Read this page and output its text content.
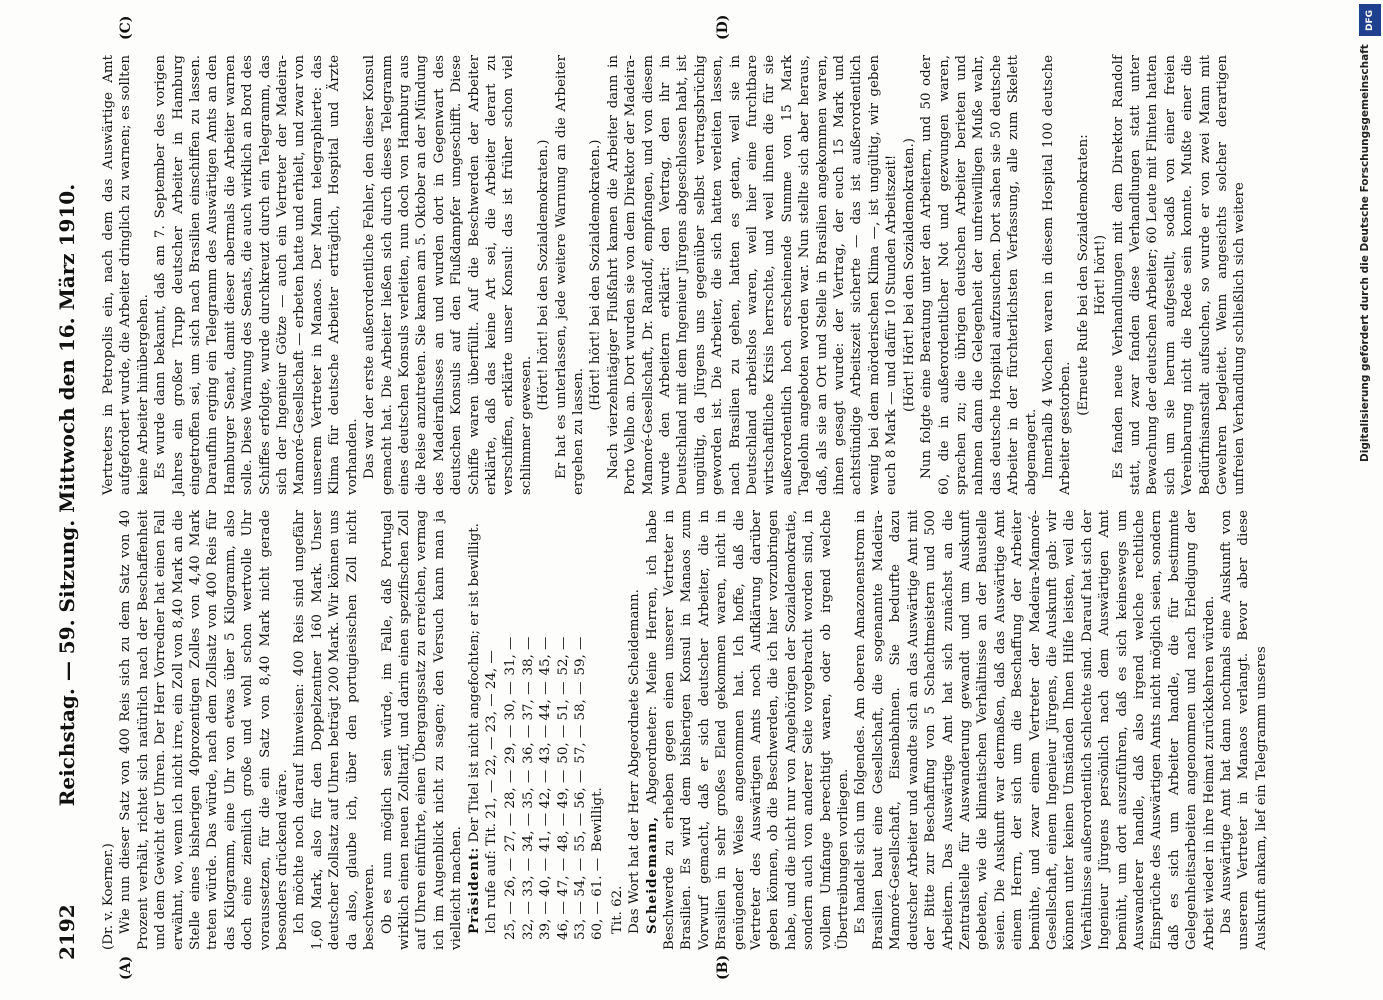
2192
Reichstag. — 59. Sitzung. Mittwoch den 16. März 1910.
(A)	(B)
(C)	(D)

(Dr. v. Koerner.) Wie nun dieser Satz von 400 Reis sich zu dem Satz von 40 Prozent verhält, richtet sich natürlich nach der Beschaffenheit und dem Gewicht der Uhren. Der Herr Vorredner hat einen Fall erwähnt, wo, wenn ich nicht irre, ein Zoll von 8,40 Mark an die Stelle eines bisherigen 40prozentigen Zolles von 4,40 Mark treten würde. Das würde, nach dem Zollsatz von 400 Reis für das Kilogramm, eine Uhr von etwas über 5 Kilogramm, also doch eine ziemlich große und wohl schon wertvolle Uhr voraussetzen, für die ein Satz von 8,40 Mark nicht gerade besonders drückend wäre. Ich möchte noch darauf hinweisen: 400 Reis sind ungefähr 1,60 Mark, also für den Doppelzentner 160 Mark. Unser deutscher Zollsatz auf Uhren beträgt 200 Mark. Wir können uns da also, glaube ich, über den portugiesischen Zoll nicht beschweren. Ob es nun möglich sein würde, im Falle, daß Portugal wirklich einen neuen Zolltarif, und darin einen spezifischen Zoll auf Uhren einführte, einen Übergangssatz zu erreichen, vermag ich im Augenblick nicht zu sagen; den Versuch kann man ja vielleicht machen. Präsident: Der Titel ist nicht angefochten; er ist bewilligt. Ich rufe auf: Tit. 21, — 22, — 23, — 24, — 25, — 26, —	27, — 28, —	29, — 30, —	31, —
32, — 33, —	34, — 35, —	36, — 37, —	38, —
39, — 40, —	41, — 42, —	43, — 44, —	45, —
46, — 47, —	48, — 49, —	50, — 51, —	52, —
53, — 54, —	55, — 56, —	57, — 58, —	59, —
60, — 61. —	Bewilligt.		

Tit. 62. Das Wort hat der Herr Abgeordnete Scheidemann. Scheidemann, Abgeordneter: Meine Herren, ich habe Beschwerde zu erheben gegen einen unserer Vertreter in Brasilien. Es wird dem bisherigen Konsul in Manaos zum Vorwurf gemacht, daß er sich deutscher Arbeiter, die in Brasilien in sehr großes Elend gekommen waren, nicht in genügender Weise angenommen hat. Ich hoffe, daß die Vertreter des Auswärtigen Amts noch Aufklärung darüber geben können, ob die Beschwerden, die ich hier vorzubringen habe, und die nicht nur von Angehörigen der Sozialdemokratie, sondern auch von anderer Seite vorgebracht worden sind, in vollem Umfange berechtigt waren, oder ob irgend welche Übertreibungen vorliegen. Es handelt sich um folgendes. Am oberen Amazonenstrom in Brasilien baut eine Gesellschaft, die sogenannte Madeira-Mamoré-Gesellschaft, Eisenbahnen. Sie bedurfte dazu deutscher Arbeiter und wandte sich an das Auswärtige Amt mit der Bitte zur Beschaffung von 5 Schachtmeistern und 500 Arbeitern. Das Auswärtige Amt hat sich zunächst an die Zentralstelle für Auswanderung gewandt und um Auskunft gebeten, wie die klimatischen Verhältnisse an der Baustelle seien. Die Auskunft war dermaßen, daß das Auswärtige Amt einem Herrn, der sich um die Beschaffung der Arbeiter bemühte, und zwar einem Vertreter der Madeira-Mamoré-Gesellschaft, einem Ingenieur Jürgens, die Auskunft gab: wir können unter keinen Umständen Ihnen Hilfe leisten, weil die Verhältnisse außerordentlich schlechte sind. Darauf hat sich der Ingenieur Jürgens persönlich nach dem Auswärtigen Amt bemüht, um dort auszuführen, daß es sich keineswegs um Auswanderer handle, daß also irgend welche rechtliche Einsprüche des Auswärtigen Amts nicht möglich seien, sondern daß es sich um Arbeiter handle, die für bestimmte Gelegenheitsarbeiten angenommen und nach Erledigung der Arbeit wieder in ihre Heimat zurückkehren würden. Das Auswärtige Amt hat dann nochmals eine Auskunft von unserem Vertreter in Manaos verlangt. Bevor aber diese Auskunft ankam, lief ein Telegramm unseres

Vertreters in Petropolis ein, nach dem das Auswärtige Amt aufgefordert wurde, die Arbeiter dringlich zu warnen; es sollten keine Arbeiter hinübergehen. Es wurde dann bekannt, daß am 7. September des vorigen Jahres ein großer Trupp deutscher Arbeiter in Hamburg eingetroffen sei, um sich nach Brasilien einschiffen zu lassen. Daraufhin erging ein Telegramm des Auswärtigen Amts an den Hamburger Senat, damit dieser abermals die Arbeiter warnen solle. Diese Warnung des Senats, die auch wirklich an Bord des Schiffes erfolgte, wurde durchkreuzt durch ein Telegramm, das sich der Ingenieur Götze — auch ein Vertreter der Madeira-Mamoré-Gesellschaft — erbeten hatte und erhielt, und zwar von unserem Vertreter in Manaos. Der Mann telegraphierte: das Klima für deutsche Arbeiter erträglich, Hospital und Ärzte vorhanden. Das war der erste außerordentliche Fehler, den dieser Konsul gemacht hat. Die Arbeiter ließen sich durch dieses Telegramm eines deutschen Konsuls verleiten, nun doch von Hamburg aus die Reise anzutreten. Sie kamen am 5. Oktober an der Mündung des Madeiraflusses an und wurden dort in Gegenwart des deutschen Konsuls auf den Flußdampfer umgeschifft. Diese Schiffe waren überfüllt. Auf die Beschwerden der Arbeiter erklärte, daß das keine Art sei, die Arbeiter derart zu verschiffen, erklärte unser Konsul: das ist früher schon viel schlimmer gewesen.

(Hört! hört! bei den Sozialdemokraten.) Er hat es unterlassen, jede weitere Warnung an die Arbeiter ergehen zu lassen.

(Hört! hört! bei den Sozialdemokraten.) Nach vierzehntägiger Flußfahrt kamen die Arbeiter dann in Porto Velho an. Dort wurden sie von dem Direktor der Madeira-Mamoré-Gesellschaft, Dr. Randolf, empfangen, und von diesem wurde den Arbeitern erklärt: den Vertrag, den ihr in Deutschland mit dem Ingenieur Jürgens abgeschlossen habt, ist ungültig, da Jürgens uns gegenüber selbst vertragsbrüchig geworden ist. Die Arbeiter, die sich hatten verleiten lassen, nach Brasilien zu gehen, hatten es getan, weil sie in Deutschland arbeitslos waren, weil hier eine furchtbare wirtschaftliche Krisis herrschte, und weil ihnen die für sie außerordentlich hoch erscheinende Summe von 15 Mark Tagelohn angeboten worden war. Nun stellte sich aber heraus, daß, als sie an Ort und Stelle in Brasilien angekommen waren, ihnen gesagt wurde: der Vertrag, der euch 15 Mark und achtstündige Arbeitszeit sicherte — das ist außerordentlich wenig bei dem mörderischen Klima —, ist ungültig, wir geben euch 8 Mark — und dafür 10 Stunden Arbeitszeit! (Hört! Hört! bei den Sozialdemokraten.) Nun folgte eine Beratung unter den Arbeitern, und 50 oder 60, die in außerordentlicher Not und gezwungen waren, sprachen zu; die übrigen deutschen Arbeiter berieten und nahmen dann die Gelegenheit der unfreiwilligen Muße wahr, das deutsche Hospital aufzusuchen. Dort sahen sie 50 deutsche Arbeiter in der fürchterlichsten Verfassung, alle zum Skelett abgemagert. Innerhalb 4 Wochen waren in diesem Hospital 100 deutsche Arbeiter gestorben.

(Erneute Rufe bei den Sozialdemokraten: Hört! hört!) Es fanden neue Verhandlungen mit dem Direktor Randolf statt, und zwar fanden diese Verhandlungen statt unter Bewachung der deutschen Arbeiter; 60 Leute mit Flinten hatten sich um sie herum aufgestellt, sodaß von einer freien Vereinbarung nicht die Rede sein konnte. Mußte einer die Bedürfnisanstalt aufsuchen, so wurde er von zwei Mann mit Gewehren begleitet. Wenn angesichts solcher derartigen unfreien Verhandlung schließlich sich weitere

DFG
Digitalisierung gefördert durch die Deutsche Forschungsgemeinschaft
